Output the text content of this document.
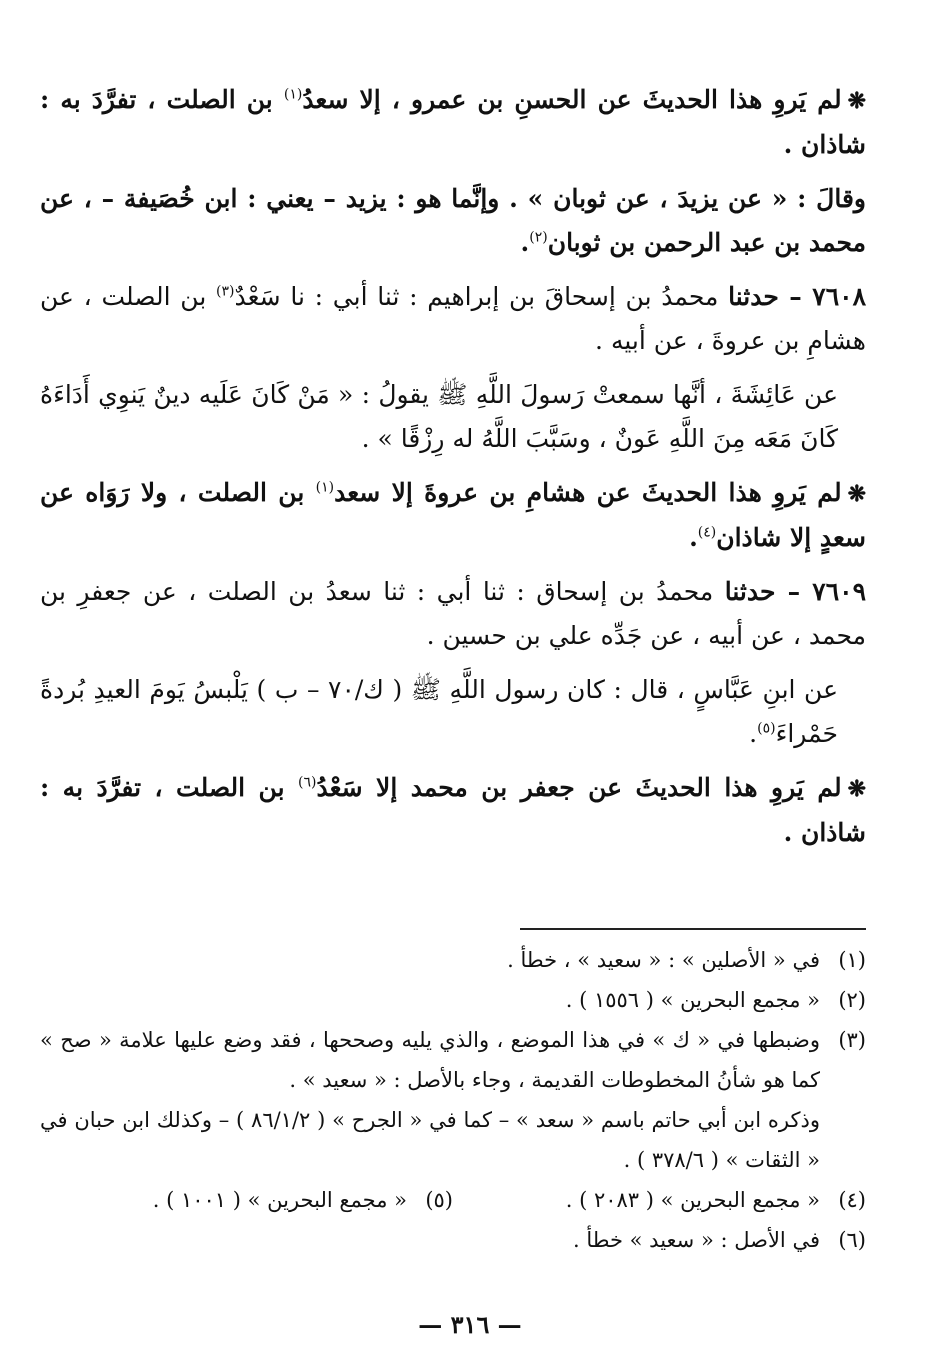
❋لم يَروِ هذا الحديثَ عن الحسنِ بن عمرو ، إلا سعدُ$^{(١)}$ بن الصلت ، تفرَّدَ به : شاذان .

وقالَ : « عن يزيدَ ، عن ثوبان » . وإنَّما هو : يزيد – يعني : ابن خُصَيفة – ، عن محمد بن عبد الرحمن بن ثوبان$^{(٢)}$.

٧٦٠٨ – حدثنا محمدُ بن إسحاقَ بن إبراهيم : ثنا أبي : نا سَعْدٌ$^{(٣)}$ بن الصلت ، عن هشامِ بن عروةَ ، عن أبيه .

عن عَائِشَةَ ، أنَّها سمعتْ رَسولَ اللَّهِ ﷺ يقولُ : « مَنْ كَانَ عَلَيه دينٌ يَنوِي أَدَاءَهُ كَانَ مَعَه مِنَ اللَّهِ عَونٌ ، وسَبَّبَ اللَّهُ له رِزْقًا » .

❋لم يَروِ هذا الحديثَ عن هشامِ بن عروةَ إلا سعد$^{(١)}$ بن الصلت ، ولا رَوَاه عن سعدٍ إلا شاذان$^{(٤)}$.

٧٦٠٩ – حدثنا محمدُ بن إسحاق : ثنا أبي : ثنا سعدُ بن الصلت ، عن جعفرِ بن محمد ، عن أبيه ، عن جَدِّه علي بن حسين .

عن ابنِ عَبَّاسٍ ، قال : كان رسول اللَّهِ ﷺ ( ك/٧٠ – ب ) يَلْبسُ يَومَ العيدِ بُردةً حَمْراءَ$^{(٥)}$.

❋لم يَروِ هذا الحديثَ عن جعفر بن محمد إلا سَعْدُ$^{(٦)}$ بن الصلت ، تفرَّدَ به : شاذان .

(١)
في « الأصلين » : « سعيد » ، خطأ .
(٢)
« مجمع البحرين » ( ١٥٥٦ ) .
(٣)
وضبطها في « ك » في هذا الموضع ، والذي يليه وصححها ، فقد وضع عليها علامة « صح » كما هو شأنُ المخطوطات القديمة ، وجاء بالأصل : « سعيد » .
وذكره ابن أبي حاتم باسم « سعد » – كما في « الجرح » ( ٨٦/١/٢ ) – وكذلك ابن حبان في « الثقات » ( ٣٧٨/٦ ) .
(٤)
« مجمع البحرين » ( ٢٠٨٣ ) .
(٥)
« مجمع البحرين » ( ١٠٠١ ) .
(٦)
في الأصل : « سعيد » خطأ .
— ٣١٦ —
